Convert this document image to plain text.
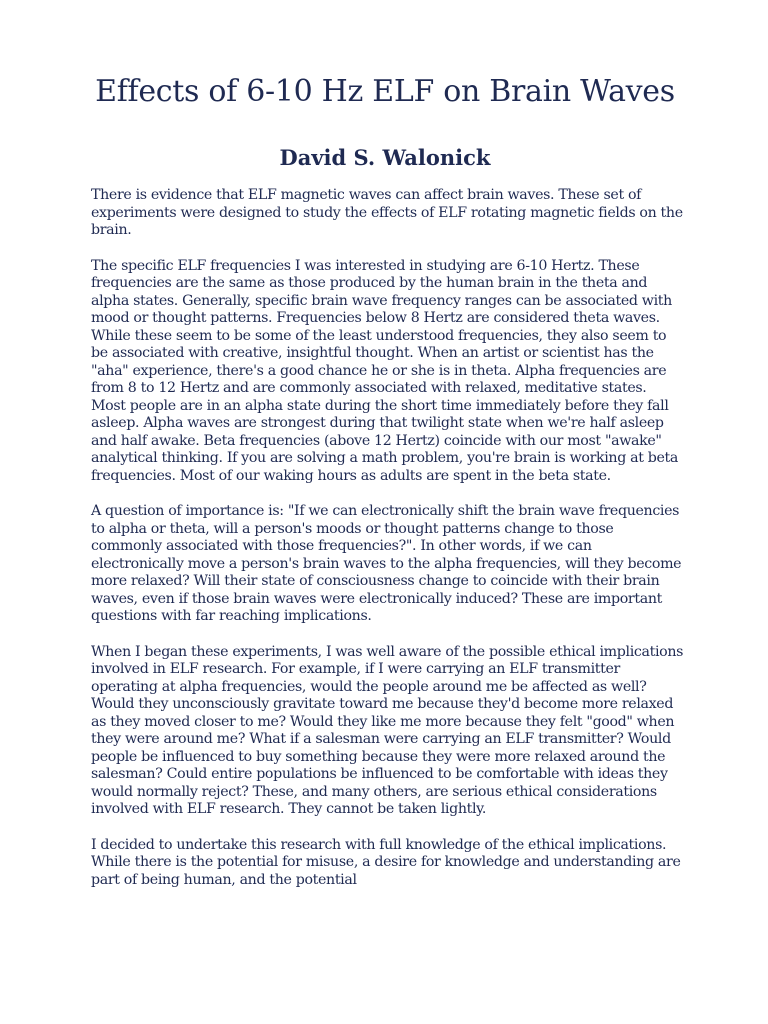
Effects of 6-10 Hz ELF on Brain Waves
David S. Walonick

There is evidence that ELF magnetic waves can affect brain waves. These set of experiments were designed to study the effects of ELF rotating magnetic fields on the brain.

The specific ELF frequencies I was interested in studying are 6-10 Hertz. These frequencies are the same as those produced by the human brain in the theta and alpha states. Generally, specific brain wave frequency ranges can be associated with mood or thought patterns. Frequencies below 8 Hertz are considered theta waves. While these seem to be some of the least understood frequencies, they also seem to be associated with creative, insightful thought. When an artist or scientist has the "aha" experience, there's a good chance he or she is in theta. Alpha frequencies are from 8 to 12 Hertz and are commonly associated with relaxed, meditative states. Most people are in an alpha state during the short time immediately before they fall asleep. Alpha waves are strongest during that twilight state when we're half asleep and half awake. Beta frequencies (above 12 Hertz) coincide with our most "awake" analytical thinking. If you are solving a math problem, you're brain is working at beta frequencies. Most of our waking hours as adults are spent in the beta state.

A question of importance is: "If we can electronically shift the brain wave frequencies to alpha or theta, will a person's moods or thought patterns change to those commonly associated with those frequencies?". In other words, if we can electronically move a person's brain waves to the alpha frequencies, will they become more relaxed? Will their state of consciousness change to coincide with their brain waves, even if those brain waves were electronically induced? These are important questions with far reaching implications.

When I began these experiments, I was well aware of the possible ethical implications involved in ELF research. For example, if I were carrying an ELF transmitter operating at alpha frequencies, would the people around me be affected as well? Would they unconsciously gravitate toward me because they'd become more relaxed as they moved closer to me? Would they like me more because they felt "good" when they were around me? What if a salesman were carrying an ELF transmitter? Would people be influenced to buy something because they were more relaxed around the salesman? Could entire populations be influenced to be comfortable with ideas they would normally reject? These, and many others, are serious ethical considerations involved with ELF research. They cannot be taken lightly.

I decided to undertake this research with full knowledge of the ethical implications. While there is the potential for misuse, a desire for knowledge and understanding are part of being human, and the potential
